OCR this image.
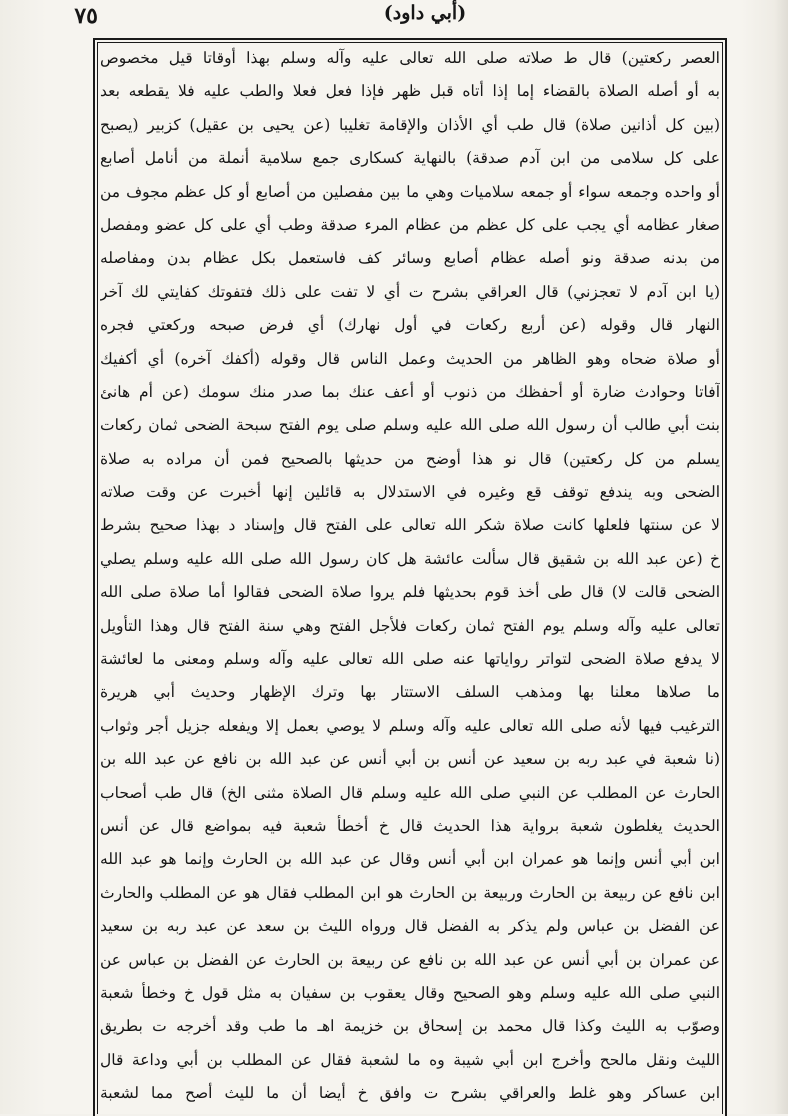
٧٥	(أبي داود)
العصر ركعتين) قال ط صلاته صلى الله تعالى عليه وآله وسلم بهذا أوقاتا قيل مخصوص
به أو أصله الصلاة بالقضاء إما إذا أتاه قبل ظهر فإذا فعل فعلا والطب عليه فلا يقطعه بعد
(بين كل أذانين صلاة) قال طب أي الأذان والإقامة تغليبا (عن يحيى بن عقيل) كزبير (يصبح
على كل سلامى من ابن آدم صدقة) بالنهاية كسكارى جمع سلامية أنملة من أنامل أصابع
أو واحده وجمعه سواء أو جمعه سلاميات وهي ما بين مفصلين من أصابع أو كل عظم مجوف من
صغار عظامه أي يجب على كل عظم من عظام المرء صدقة وطب أي على كل عضو ومفصل
من بدنه صدقة ونو أصله عظام أصابع وسائر كف فاستعمل بكل عظام بدن ومفاصله
(يا ابن آدم لا تعجزني) قال العراقي بشرح ت أي لا تفت على ذلك فتفوتك كفايتي لك آخر
النهار قال وقوله (عن أربع ركعات في أول نهارك) أي فرض صبحه وركعتي فجره
أو صلاة ضحاه وهو الظاهر من الحديث وعمل الناس قال وقوله (أكفك آخره) أي أكفيك
آفاتا وحوادث ضارة أو أحفظك من ذنوب أو أعف عنك بما صدر منك سومك (عن أم هانئ
بنت أبي طالب أن رسول الله صلى الله عليه وسلم صلى يوم الفتح سبحة الضحى ثمان ركعات
يسلم من كل ركعتين) قال نو هذا أوضح من حديثها بالصحيح فمن أن مراده به صلاة
الضحى وبه يندفع توقف قع وغيره في الاستدلال به قائلين إنها أخبرت عن وقت صلاته
لا عن سنتها فلعلها كانت صلاة شكر الله تعالى على الفتح قال وإسناد د بهذا صحيح بشرط
خ (عن عبد الله بن شقيق قال سألت عائشة هل كان رسول الله صلى الله عليه وسلم يصلي
الضحى قالت لا) قال طى أخذ قوم بحديثها فلم يروا صلاة الضحى فقالوا أما صلاة صلى الله
تعالى عليه وآله وسلم يوم الفتح ثمان ركعات فلأجل الفتح وهي سنة الفتح قال وهذا التأويل
لا يدفع صلاة الضحى لتواتر رواياتها عنه صلى الله تعالى عليه وآله وسلم ومعنى ما لعائشة
ما صلاها معلنا بها ومذهب السلف الاستتار بها وترك الإظهار وحديث أبي هريرة
الترغيب فيها لأنه صلى الله تعالى عليه وآله وسلم لا يوصي بعمل إلا ويفعله جزيل أجر وثواب
(نا شعبة في عبد ربه بن سعيد عن أنس بن أبي أنس عن عبد الله بن نافع عن عبد الله بن
الحارث عن المطلب عن النبي صلى الله عليه وسلم قال الصلاة مثنى الخ) قال طب أصحاب
الحديث يغلطون شعبة برواية هذا الحديث قال خ أخطأ شعبة فيه بمواضع قال عن أنس
ابن أبي أنس وإنما هو عمران ابن أبي أنس وقال عن عبد الله بن الحارث وإنما هو عبد الله
ابن نافع عن ربيعة بن الحارث وربيعة بن الحارث هو ابن المطلب فقال هو عن المطلب والحارث
عن الفضل بن عباس ولم يذكر به الفضل قال ورواه الليث بن سعد عن عبد ربه بن سعيد
عن عمران بن أبي أنس عن عبد الله بن نافع عن ربيعة بن الحارث عن الفضل بن عباس عن
النبي صلى الله عليه وسلم وهو الصحيح وقال يعقوب بن سفيان به مثل قول خ وخطأ شعبة
وصوّب به الليث وكذا قال محمد بن إسحاق بن خزيمة اهـ ما طب وقد أخرجه ت بطريق
الليث ونقل مالحح وأخرج ابن أبي شيبة وه ما لشعبة فقال عن المطلب بن أبي وداعة قال
ابن عساكر وهو غلط والعراقي بشرح ت وافق خ أيضا أن ما لليث أصح مما لشعبة
